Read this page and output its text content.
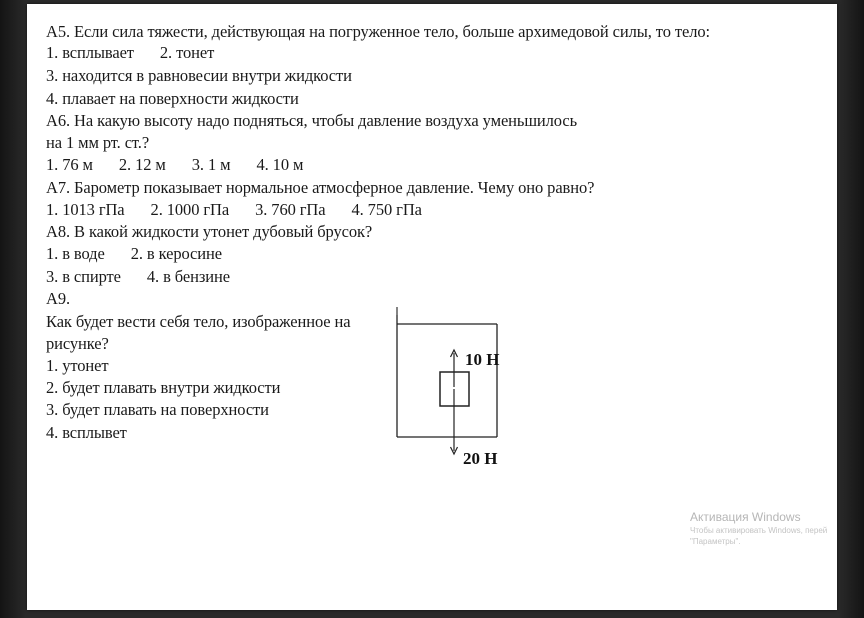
А5. Если сила тяжести, действующая на погруженное тело, больше архимедовой силы, то тело:
1. всплывает 2. тонет
3. находится в равновесии внутри жидкости
4. плавает на поверхности жидкости
А6. На какую высоту надо подняться, чтобы давление воздуха уменьшилось
на 1 мм рт. ст.?
1. 76 м 2. 12 м 3. 1 м 4. 10 м
А7. Барометр показывает нормальное атмосферное давление. Чему оно равно?
1. 1013 гПа 2. 1000 гПа 3. 760 гПа 4. 750 гПа
А8. В какой жидкости утонет дубовый брусок?
1. в воде 2. в керосине
3. в спирте 4. в бензине
А9.
Как будет вести себя тело, изображенное на
рисунке?
1. утонет
2. будет плавать внутри жидкости
3. будет плавать на поверхности
4. всплывет
10 Н
20 Н
Активация Windows
Чтобы активировать Windows, перей
"Параметры".
